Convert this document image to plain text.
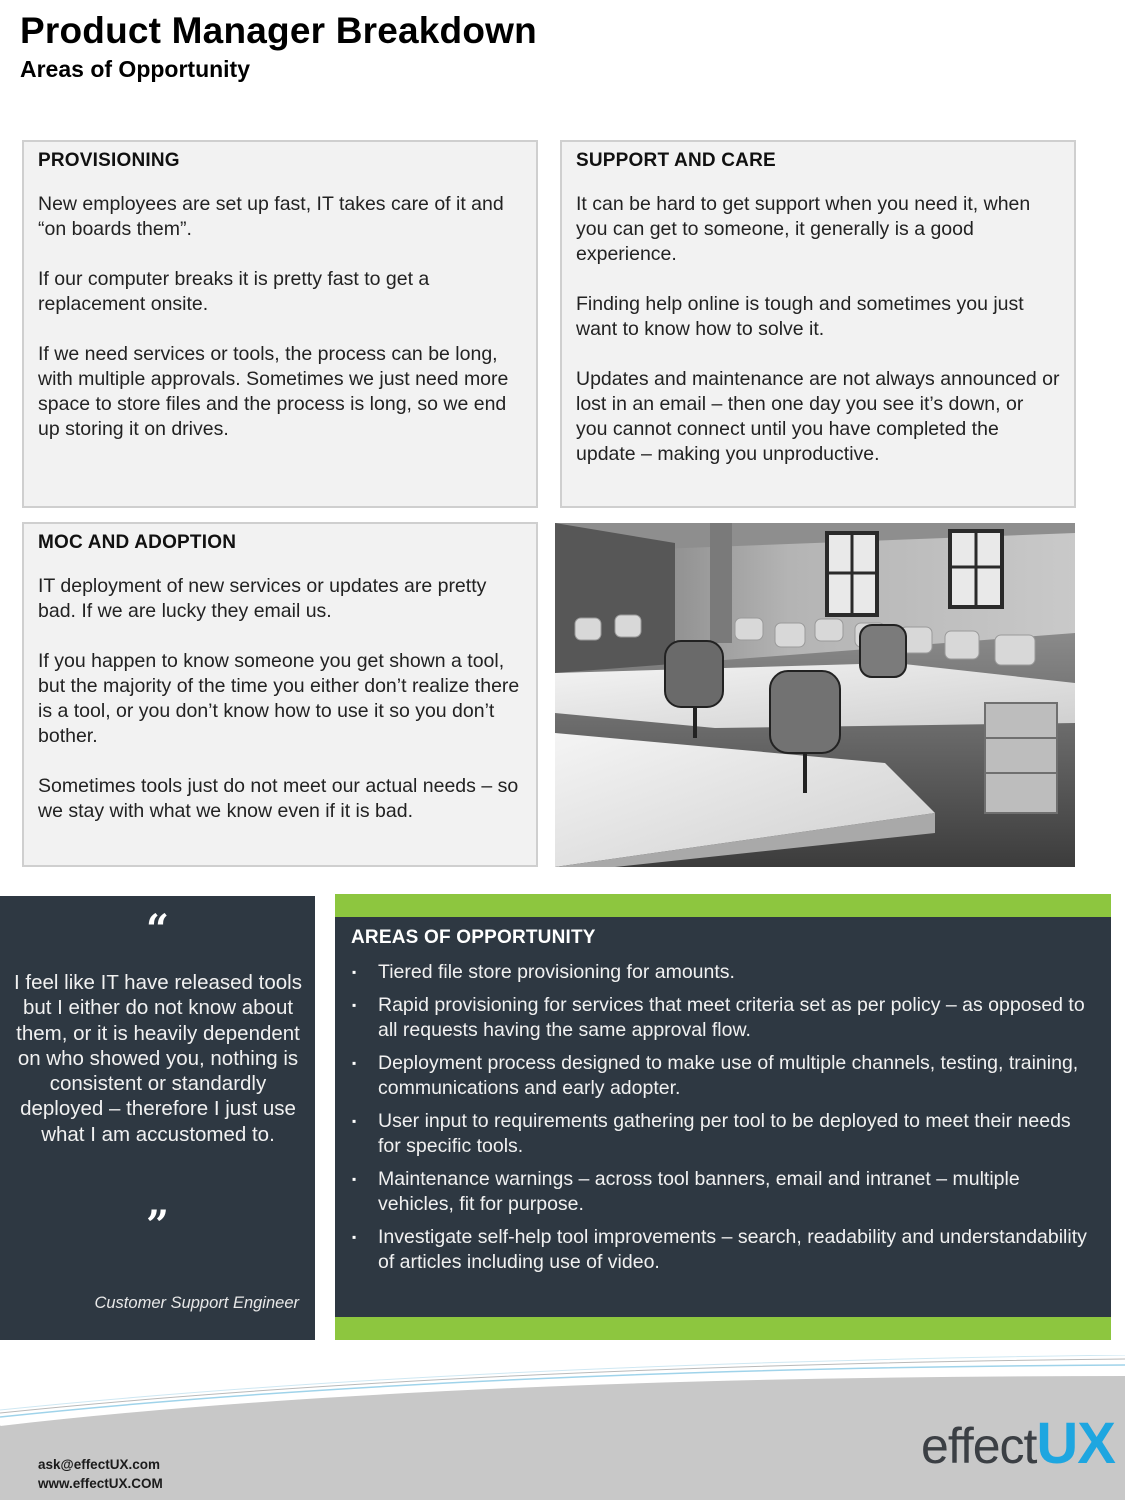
Product Manager Breakdown
Areas of Opportunity
PROVISIONING

New employees are set up fast, IT takes care of it and “on boards them”.

If our computer breaks it is pretty fast to get a replacement onsite.

If we need services or tools, the process can be long, with multiple approvals. Sometimes we just need more space to store files and the process is long, so we end up storing it on drives.

SUPPORT AND CARE

It can be hard to get support when you need it, when you can get to someone, it generally is a good experience.

Finding help online is tough and sometimes you just want to know how to solve it.

Updates and maintenance are not always announced or lost in an email – then one day you see it’s down, or you cannot connect until you have completed the update – making you unproductive.

MOC AND ADOPTION

IT deployment of new services or updates are pretty bad. If we are lucky they email us.

If you happen to know someone you get shown a tool, but the majority of the time you either don’t realize there is a tool, or you don’t know how to use it so you don’t bother.

Sometimes tools just do not meet our actual needs – so we stay with what we know even if it is bad.

“
I feel like IT have released tools but I either do not know about them, or it is heavily dependent on who showed you, nothing is consistent or standardly deployed – therefore I just use what I am accustomed to.
”
Customer Support Engineer
AREAS OF OPPORTUNITY
▪ Tiered file store provisioning for amounts.
▪ Rapid provisioning for services that meet criteria set as per policy – as opposed to all requests having the same approval flow.
▪ Deployment process designed to make use of multiple channels, testing, training, communications and early adopter.
▪ User input to requirements gathering per tool to be deployed to meet their needs for specific tools.
▪ Maintenance warnings – across tool banners, email and intranet – multiple vehicles, fit for purpose.
▪ Investigate self-help tool improvements – search, readability and understandability of articles including use of video.
ask@effectUX.com
www.effectUX.COM
effectUX
